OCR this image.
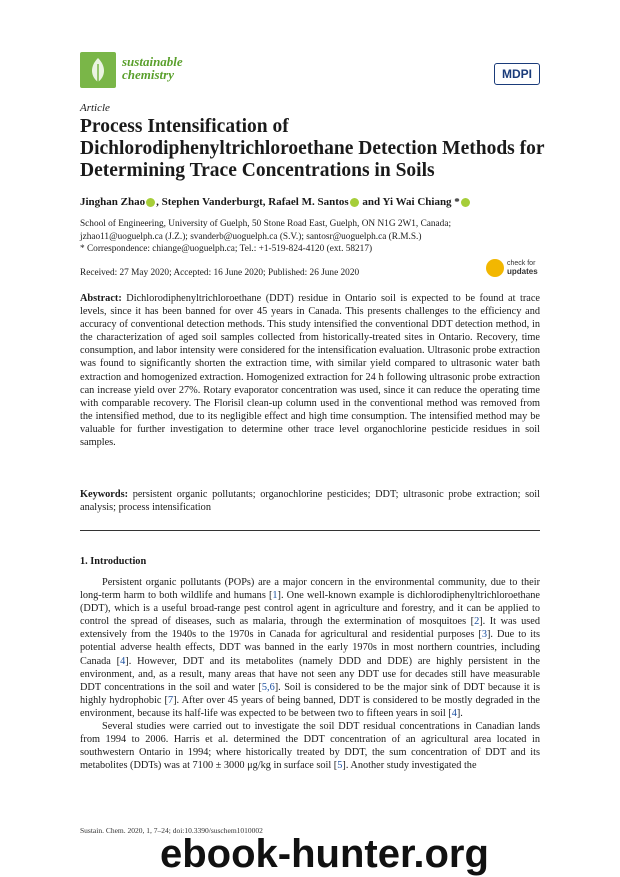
sustainable
chemistry	MDPI
Article
Process Intensification of Dichlorodiphenyltrichloroethane Detection Methods for Determining Trace Concentrations in Soils
Jinghan Zhao , Stephen Vanderburgt, Rafael M. Santos and Yi Wai Chiang *
School of Engineering, University of Guelph, 50 Stone Road East, Guelph, ON N1G 2W1, Canada;
jzhao11@uoguelph.ca (J.Z.); svanderb@uoguelph.ca (S.V.); santosr@uoguelph.ca (R.M.S.)
* Correspondence: chiange@uoguelph.ca; Tel.: +1-519-824-4120 (ext. 58217)
Received: 27 May 2020; Accepted: 16 June 2020; Published: 26 June 2020
check for
updates

Abstract: Dichlorodiphenyltrichloroethane (DDT) residue in Ontario soil is expected to be found at trace levels, since it has been banned for over 45 years in Canada. This presents challenges to the efficiency and accuracy of conventional detection methods. This study intensified the conventional DDT detection method, in the characterization of aged soil samples collected from historically-treated sites in Ontario. Recovery, time consumption, and labor intensity were considered for the intensification evaluation. Ultrasonic probe extraction was found to significantly shorten the extraction time, with similar yield compared to ultrasonic water bath extraction and homogenized extraction. Homogenized extraction for 24 h following ultrasonic probe extraction can increase yield over 27%. Rotary evaporator concentration was used, since it can reduce the operating time with comparable recovery. The Florisil clean-up column used in the conventional method was removed from the intensified method, due to its negligible effect and high time consumption. The intensified method may be valuable for further investigation to determine other trace level organochlorine pesticide residues in soil samples.

Keywords: persistent organic pollutants; organochlorine pesticides; DDT; ultrasonic probe extraction; soil analysis; process intensification

1. Introduction

Persistent organic pollutants (POPs) are a major concern in the environmental community, due to their long-term harm to both wildlife and humans [1]. One well-known example is dichlorodiphenyltrichloroethane (DDT), which is a useful broad-range pest control agent in agriculture and forestry, and it can be applied to control the spread of diseases, such as malaria, through the extermination of mosquitoes [2]. It was used extensively from the 1940s to the 1970s in Canada for agricultural and residential purposes [3]. Due to its potential adverse health effects, DDT was banned in the early 1970s in most northern countries, including Canada [4]. However, DDT and its metabolites (namely DDD and DDE) are highly persistent in the environment, and, as a result, many areas that have not seen any DDT use for decades still have measurable DDT concentrations in the soil and water [5,6]. Soil is considered to be the major sink of DDT because it is highly hydrophobic [7]. After over 45 years of being banned, DDT is considered to be mostly degraded in the environment, because its half-life was expected to be between two to fifteen years in soil [4].

Several studies were carried out to investigate the soil DDT residual concentrations in Canadian lands from 1994 to 2006. Harris et al. determined the DDT concentration of an agricultural area located in southwestern Ontario in 1994; where historically treated by DDT, the sum concentration of DDT and its metabolites (DDTs) was at 7100 ± 3000 μg/kg in surface soil [5]. Another study investigated the

Sustain. Chem. 2020, 1, 7–24; doi:10.3390/suschem1010002
ebook-hunter.org
